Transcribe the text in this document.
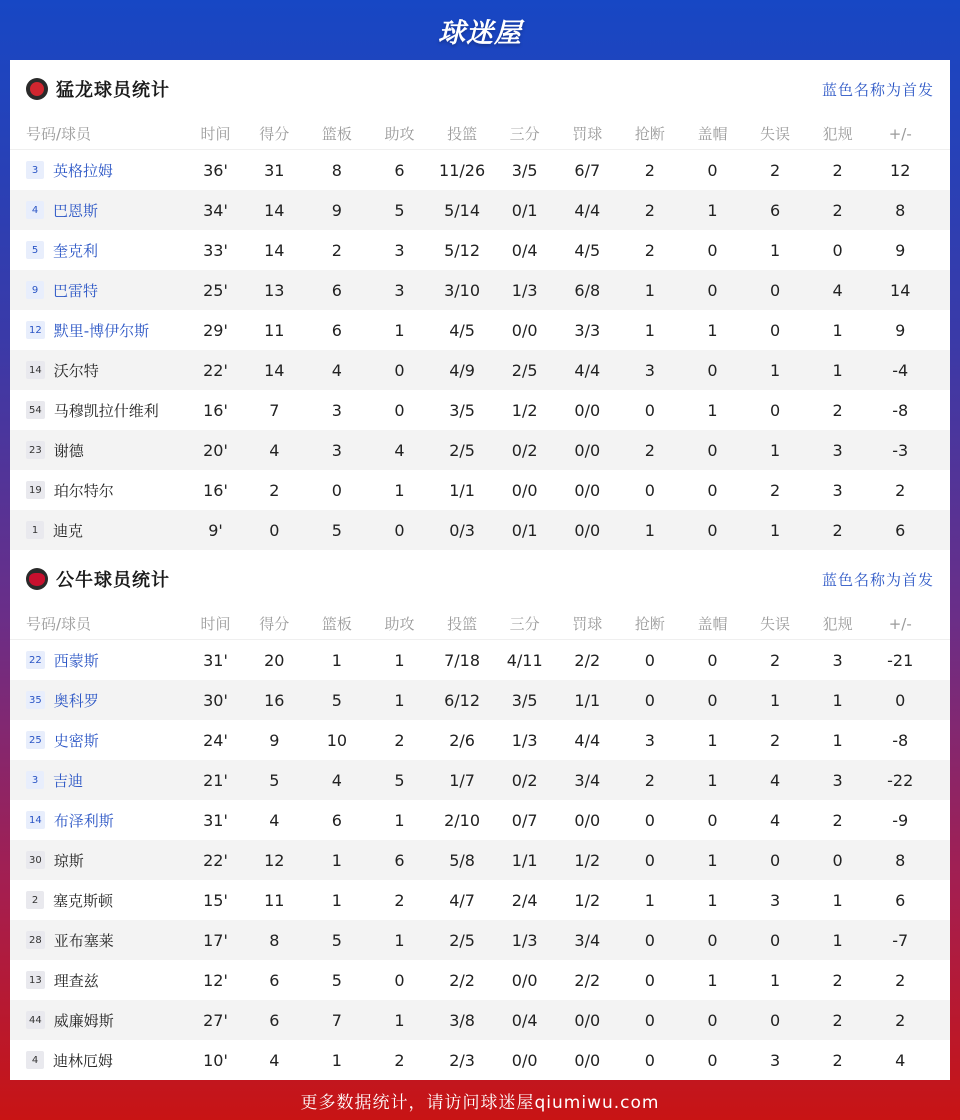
球迷屋
猛龙球员统计	蓝色名称为首发
号码/球员	时间	得分	篮板	助攻	投篮	三分	罚球	抢断	盖帽	失误	犯规	+/-
3 英格拉姆	36'	31	8	6	11/26	3/5	6/7	2	0	2	2	12
4 巴恩斯	34'	14	9	5	5/14	0/1	4/4	2	1	6	2	8
5 奎克利	33'	14	2	3	5/12	0/4	4/5	2	0	1	0	9
9 巴雷特	25'	13	6	3	3/10	1/3	6/8	1	0	0	4	14
12 默里-博伊尔斯	29'	11	6	1	4/5	0/0	3/3	1	1	0	1	9
14 沃尔特	22'	14	4	0	4/9	2/5	4/4	3	0	1	1	-4
54 马穆凯拉什维利	16'	7	3	0	3/5	1/2	0/0	0	1	0	2	-8
23 谢德	20'	4	3	4	2/5	0/2	0/0	2	0	1	3	-3
19 珀尔特尔	16'	2	0	1	1/1	0/0	0/0	0	0	2	3	2
1 迪克	9'	0	5	0	0/3	0/1	0/0	1	0	1	2	6
公牛球员统计	蓝色名称为首发
号码/球员	时间	得分	篮板	助攻	投篮	三分	罚球	抢断	盖帽	失误	犯规	+/-
22 西蒙斯	31'	20	1	1	7/18	4/11	2/2	0	0	2	3	-21
35 奥科罗	30'	16	5	1	6/12	3/5	1/1	0	0	1	1	0
25 史密斯	24'	9	10	2	2/6	1/3	4/4	3	1	2	1	-8
3 吉迪	21'	5	4	5	1/7	0/2	3/4	2	1	4	3	-22
14 布泽利斯	31'	4	6	1	2/10	0/7	0/0	0	0	4	2	-9
30 琼斯	22'	12	1	6	5/8	1/1	1/2	0	1	0	0	8
2 塞克斯顿	15'	11	1	2	4/7	2/4	1/2	1	1	3	1	6
28 亚布塞莱	17'	8	5	1	2/5	1/3	3/4	0	0	0	1	-7
13 理查兹	12'	6	5	0	2/2	0/0	2/2	0	1	1	2	2
44 威廉姆斯	27'	6	7	1	3/8	0/4	0/0	0	0	0	2	2
4 迪林厄姆	10'	4	1	2	2/3	0/0	0/0	0	0	3	2	4
更多数据统计，请访问球迷屋qiumiwu.com
